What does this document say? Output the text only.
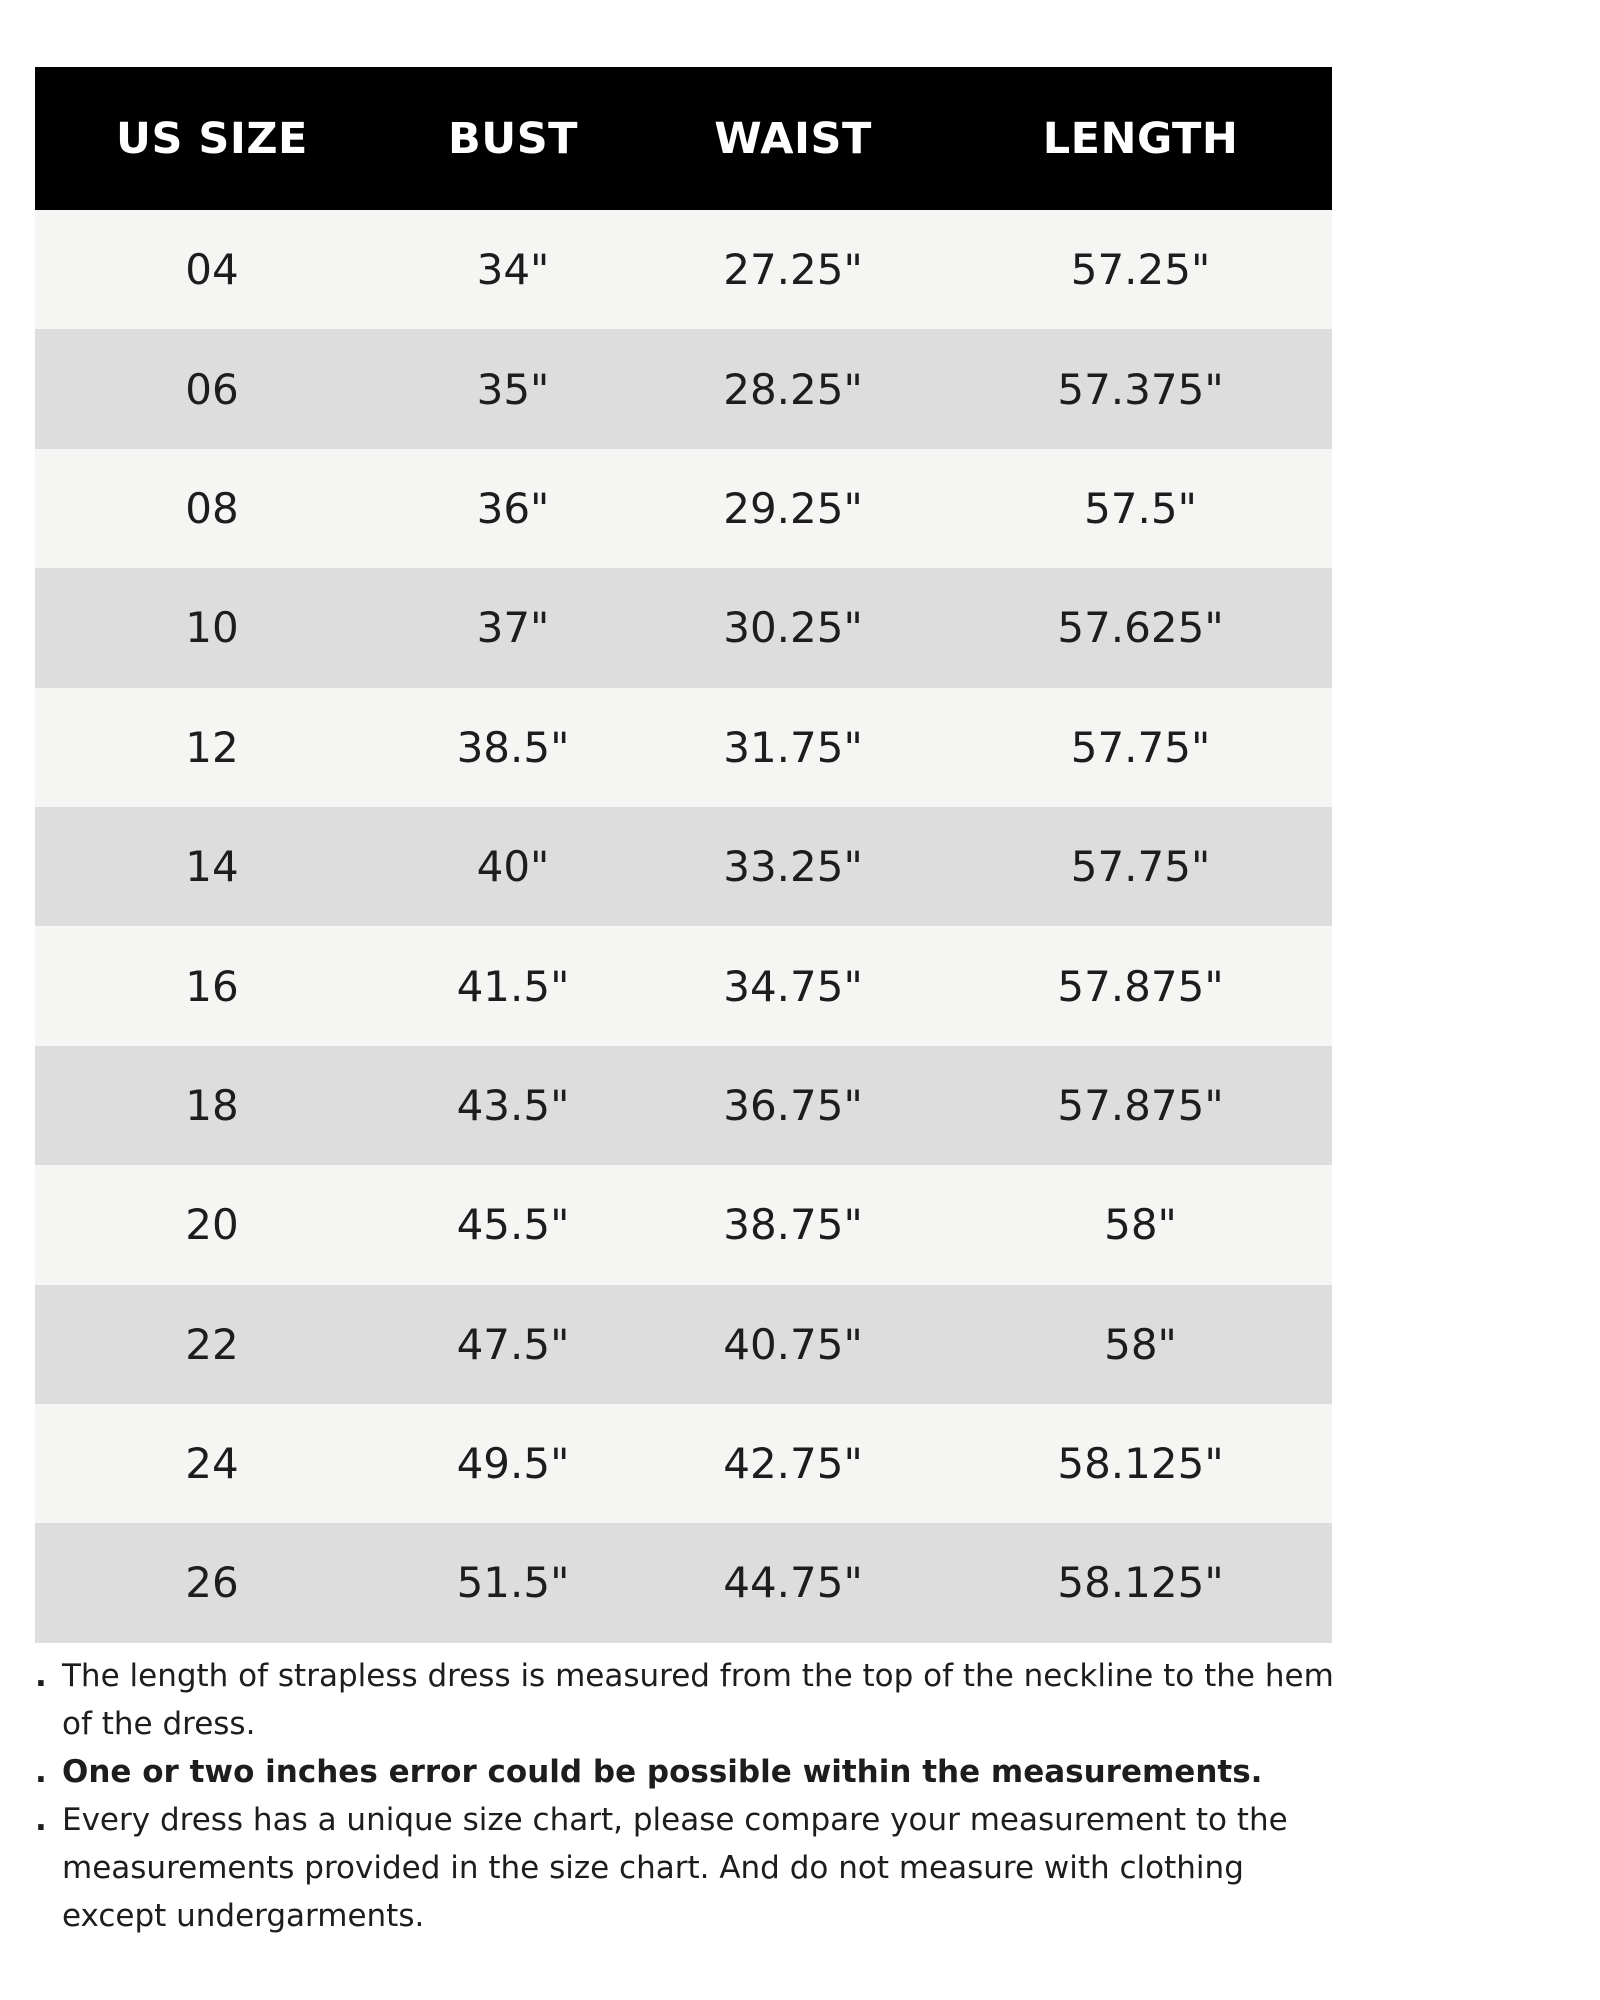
US SIZE	BUST	WAIST	LENGTH
04	34"	27.25"	57.25"
06	35"	28.25"	57.375"
08	36"	29.25"	57.5"
10	37"	30.25"	57.625"
12	38.5"	31.75"	57.75"
14	40"	33.25"	57.75"
16	41.5"	34.75"	57.875"
18	43.5"	36.75"	57.875"
20	45.5"	38.75"	58"
22	47.5"	40.75"	58"
24	49.5"	42.75"	58.125"
26	51.5"	44.75"	58.125"
. The length of strapless dress is measured from the top of the neckline to the hem of the dress.
. One or two inches error could be possible within the measurements.
. Every dress has a unique size chart, please compare your measurement to the measurements provided in the size chart. And do not measure with clothing except undergarments.
